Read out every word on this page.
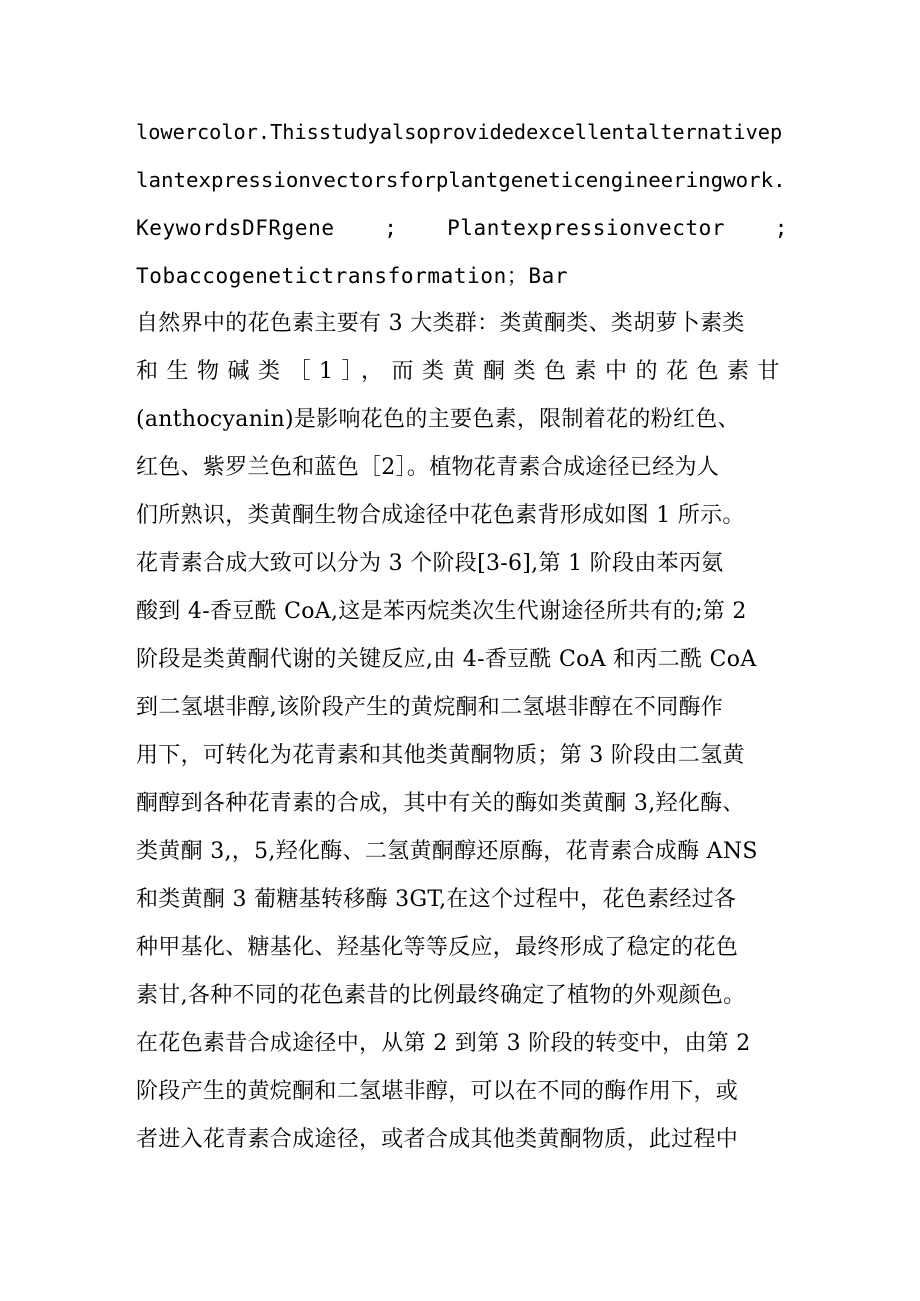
lowercolor.Thisstudyalsoprovidedexcellentalternativep
lantexpressionvectorsforplantgeneticengineeringwork.
KeywordsDFRgene ; Plantexpressionvector ;
Tobaccogenetictransformation；Bar
自然界中的花色素主要有 3 大类群：类黄酮类、类胡萝卜素类
和生物碱类［1］，而类黄酮类色素中的花色素甘
(anthocyanin)是影响花色的主要色素，限制着花的粉红色、
红色、紫罗兰色和蓝色［2］。植物花青素合成途径已经为人
们所熟识，类黄酮生物合成途径中花色素背形成如图 1 所示。
花青素合成大致可以分为 3 个阶段[3-6],第 1 阶段由苯丙氨
酸到 4-香豆酰 CoA,这是苯丙烷类次生代谢途径所共有的;第 2
阶段是类黄酮代谢的关键反应,由 4-香豆酰 CoA 和丙二酰 CoA
到二氢堪非醇,该阶段产生的黄烷酮和二氢堪非醇在不同酶作
用下，可转化为花青素和其他类黄酮物质；第 3 阶段由二氢黄
酮醇到各种花青素的合成，其中有关的酶如类黄酮 3,羟化酶、
类黄酮 3,，5,羟化酶、二氢黄酮醇还原酶，花青素合成酶 ANS
和类黄酮 3 葡糖基转移酶 3GT,在这个过程中，花色素经过各
种甲基化、糖基化、羟基化等等反应，最终形成了稳定的花色
素甘,各种不同的花色素昔的比例最终确定了植物的外观颜色。
在花色素昔合成途径中，从第 2 到第 3 阶段的转变中，由第 2
阶段产生的黄烷酮和二氢堪非醇，可以在不同的酶作用下，或
者进入花青素合成途径，或者合成其他类黄酮物质，此过程中
